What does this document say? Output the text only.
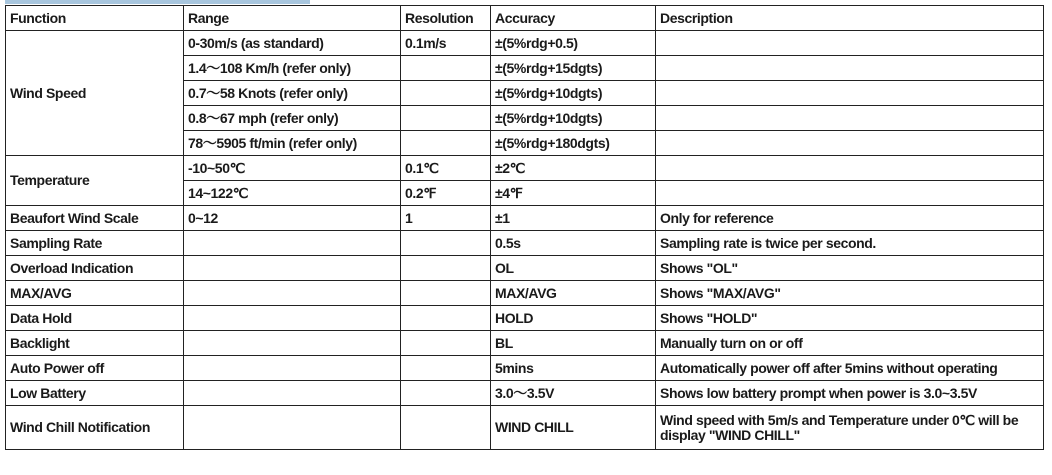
Function	Range	Resolution	Accuracy	Description
Wind Speed	0-30m/s (as standard)	0.1m/s	±(5%rdg+0.5)	
	1.4～108 Km/h (refer only)		±(5%rdg+15dgts)	
	0.7～58 Knots (refer only)		±(5%rdg+10dgts)	
	0.8～67 mph (refer only)		±(5%rdg+10dgts)	
	78～5905 ft/min (refer only)		±(5%rdg+180dgts)	
Temperature	-10~50℃	0.1℃	±2℃	
	14~122℃	0.2℉	±4℉	
Beaufort Wind Scale	0~12	1	±1	Only for reference
Sampling Rate			0.5s	Sampling rate is twice per second.
Overload Indication			OL	Shows "OL"
MAX/AVG			MAX/AVG	Shows "MAX/AVG"
Data Hold			HOLD	Shows "HOLD"
Backlight			BL	Manually turn on or off
Auto Power off			5mins	Automatically power off after 5mins without operating
Low Battery			3.0～3.5V	Shows low battery prompt when power is 3.0~3.5V
Wind Chill Notification			WIND CHILL	Wind speed with 5m/s and Temperature under 0℃ will be display "WIND CHILL"
